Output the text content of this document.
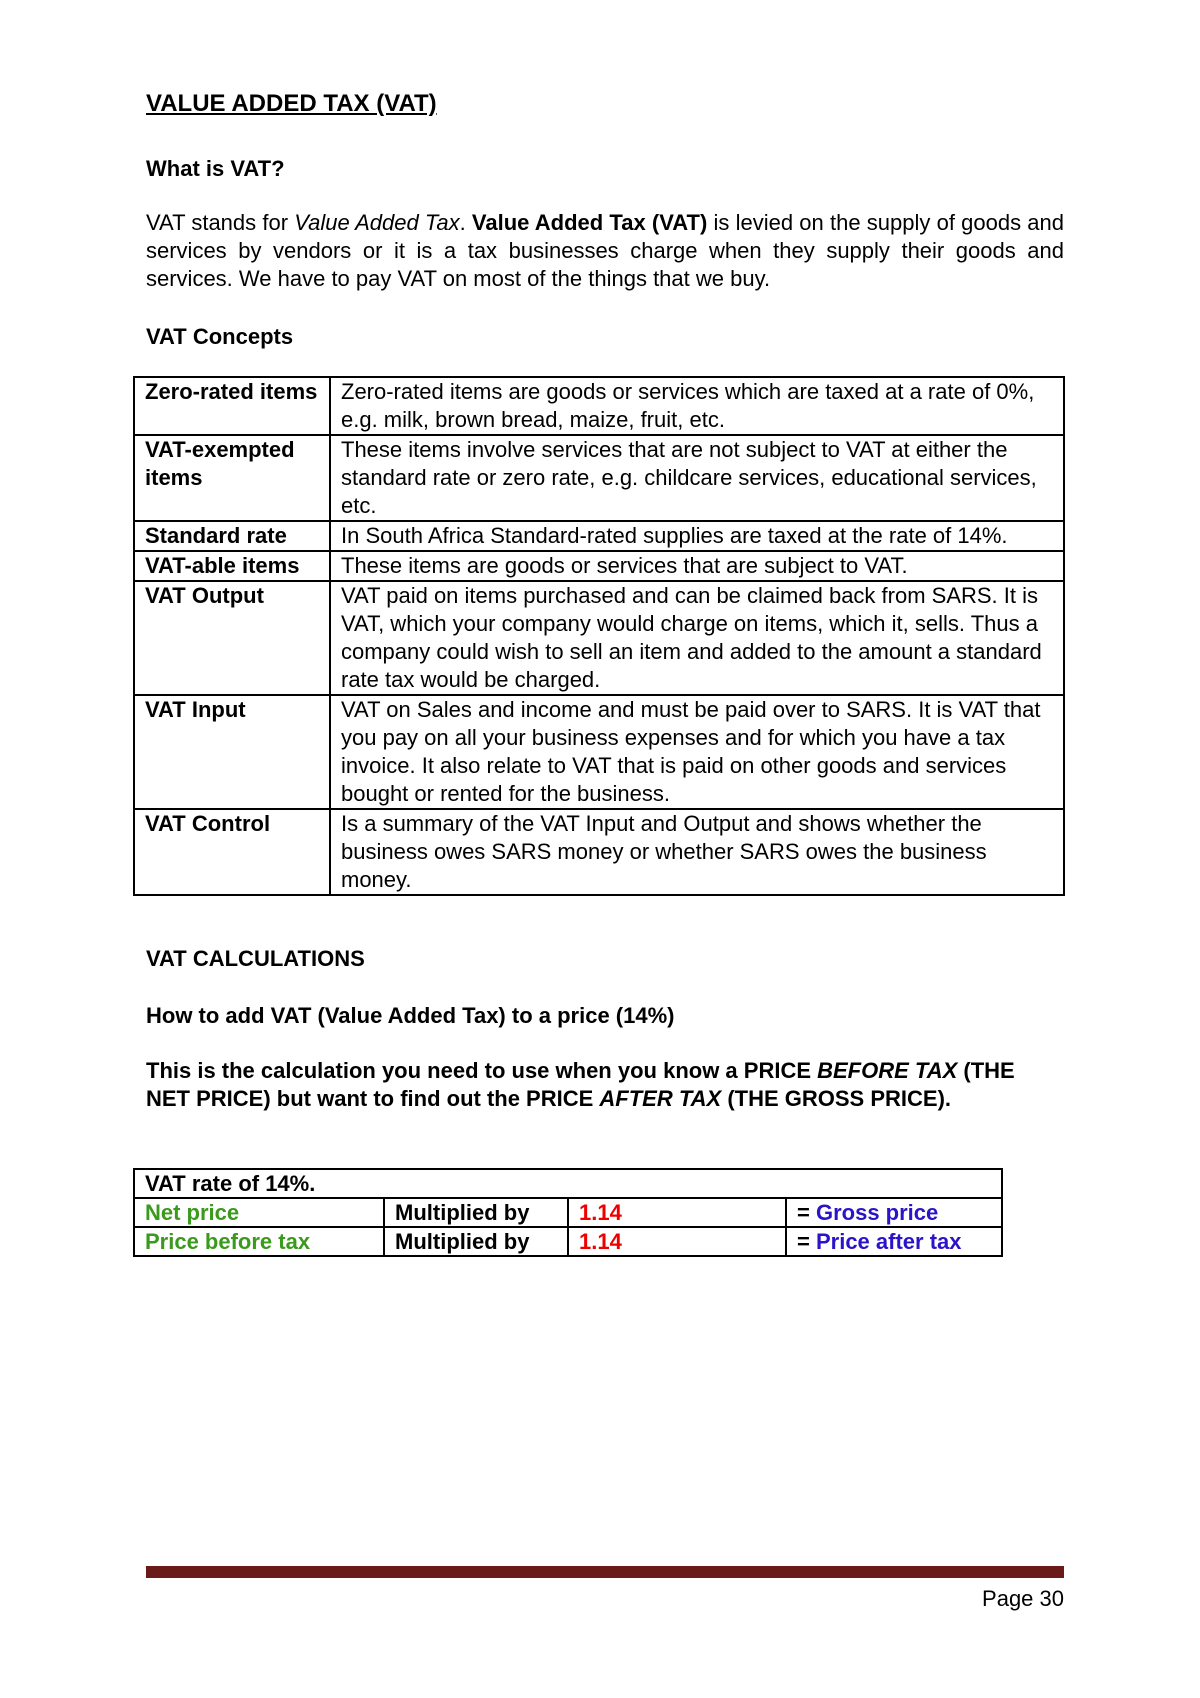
VALUE ADDED TAX (VAT)
What is VAT?
VAT stands for Value Added Tax. Value Added Tax (VAT) is levied on the supply of goods and services by vendors or it is a tax businesses charge when they supply their goods and services. We have to pay VAT on most of the things that we buy.
VAT Concepts
Zero-rated items	Zero-rated items are goods or services which are taxed at a rate of 0%, e.g. milk, brown bread, maize, fruit, etc.
VAT-exempted items	These items involve services that are not subject to VAT at either the standard rate or zero rate, e.g. childcare services, educational services, etc.
Standard rate	In South Africa Standard-rated supplies are taxed at the rate of 14%.
VAT-able items	These items are goods or services that are subject to VAT.
VAT Output	VAT paid on items purchased and can be claimed back from SARS. It is VAT, which your company would charge on items, which it, sells. Thus a company could wish to sell an item and added to the amount a standard rate tax would be charged.
VAT Input	VAT on Sales and income and must be paid over to SARS. It is VAT that you pay on all your business expenses and for which you have a tax invoice. It also relate to VAT that is paid on other goods and services bought or rented for the business.
VAT Control	Is a summary of the VAT Input and Output and shows whether the business owes SARS money or whether SARS owes the business money.
VAT CALCULATIONS
How to add VAT (Value Added Tax) to a price (14%)
This is the calculation you need to use when you know a PRICE BEFORE TAX (THE NET PRICE) but want to find out the PRICE AFTER TAX (THE GROSS PRICE).
VAT rate of 14%.			
Net price	Multiplied by	1.14	= Gross price
Price before tax	Multiplied by	1.14	= Price after tax
Page 30
